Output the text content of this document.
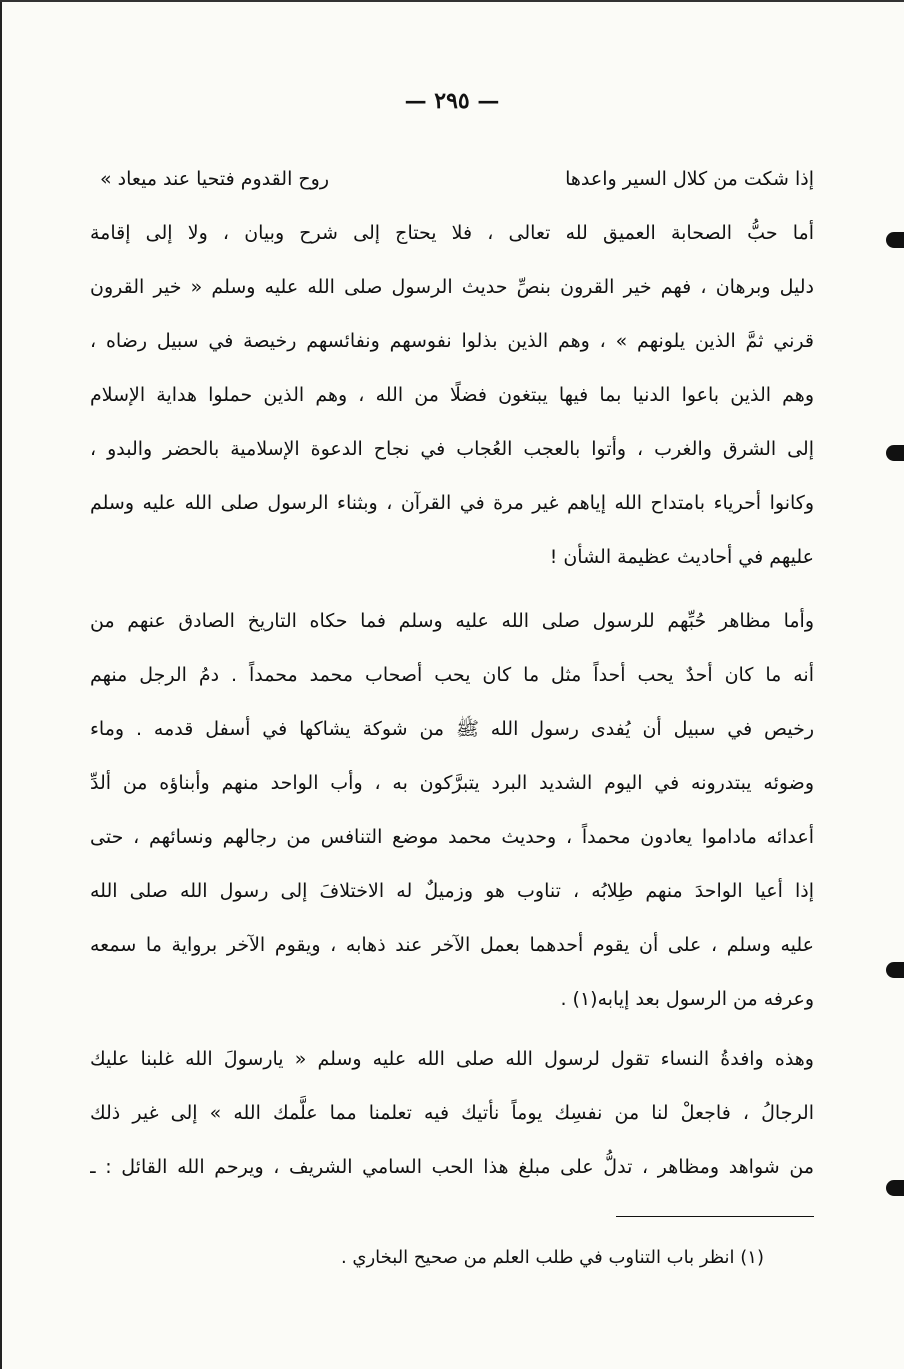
— ٢٩٥ —
إذا شكت من كلال السير واعدها
روح القدوم فتحيا عند ميعاد »
أما حبُّ الصحابة العميق لله تعالى ، فلا يحتاج إلى شرح وبيان ، ولا إلى إقامة
دليل وبرهان ، فهم خير القرون بنصِّ حديث الرسول صلى الله عليه وسلم « خير القرون
قرني ثمَّ الذين يلونهم » ، وهم الذين بذلوا نفوسهم ونفائسهم رخيصة في سبيل رضاه ،
وهم الذين باعوا الدنيا بما فيها يبتغون فضلًا من الله ، وهم الذين حملوا هداية الإسلام
إلى الشرق والغرب ، وأتوا بالعجب العُجاب في نجاح الدعوة الإسلامية بالحضر والبدو ،
وكانوا أحرياء بامتداح الله إياهم غير مرة في القرآن ، وبثناء الرسول صلى الله عليه وسلم
عليهم في أحاديث عظيمة الشأن !
وأما مظاهر حُبِّهم للرسول صلى الله عليه وسلم فما حكاه التاريخ الصادق عنهم من
أنه ما كان أحدٌ يحب أحداً مثل ما كان يحب أصحاب محمد محمداً . دمُ الرجل منهم
رخيص في سبيل أن يُفدى رسول الله ﷺ من شوكة يشاكها في أسفل قدمه . وماء
وضوئه يبتدرونه في اليوم الشديد البرد يتبرَّكون به ، وأب الواحد منهم وأبناؤه من ألدِّ
أعدائه ماداموا يعادون محمداً ، وحديث محمد موضع التنافس من رجالهم ونسائهم ، حتى
إذا أعيا الواحدَ منهم طِلابُه ، تناوب هو وزميلٌ له الاختلافَ إلى رسول الله صلى الله
عليه وسلم ، على أن يقوم أحدهما بعمل الآخر عند ذهابه ، ويقوم الآخر برواية ما سمعه
وعرفه من الرسول بعد إيابه(١) .
وهذه وافدةُ النساء تقول لرسول الله صلى الله عليه وسلم « يارسولَ الله غلبنا عليك
الرجالُ ، فاجعلْ لنا من نفسِك يوماً نأتيك فيه تعلمنا مما علَّمك الله » إلى غير ذلك
من شواهد ومظاهر ، تدلُّ على مبلغ هذا الحب السامي الشريف ، ويرحم الله القائل : ـ
(١) انظر باب التناوب في طلب العلم من صحيح البخاري .
